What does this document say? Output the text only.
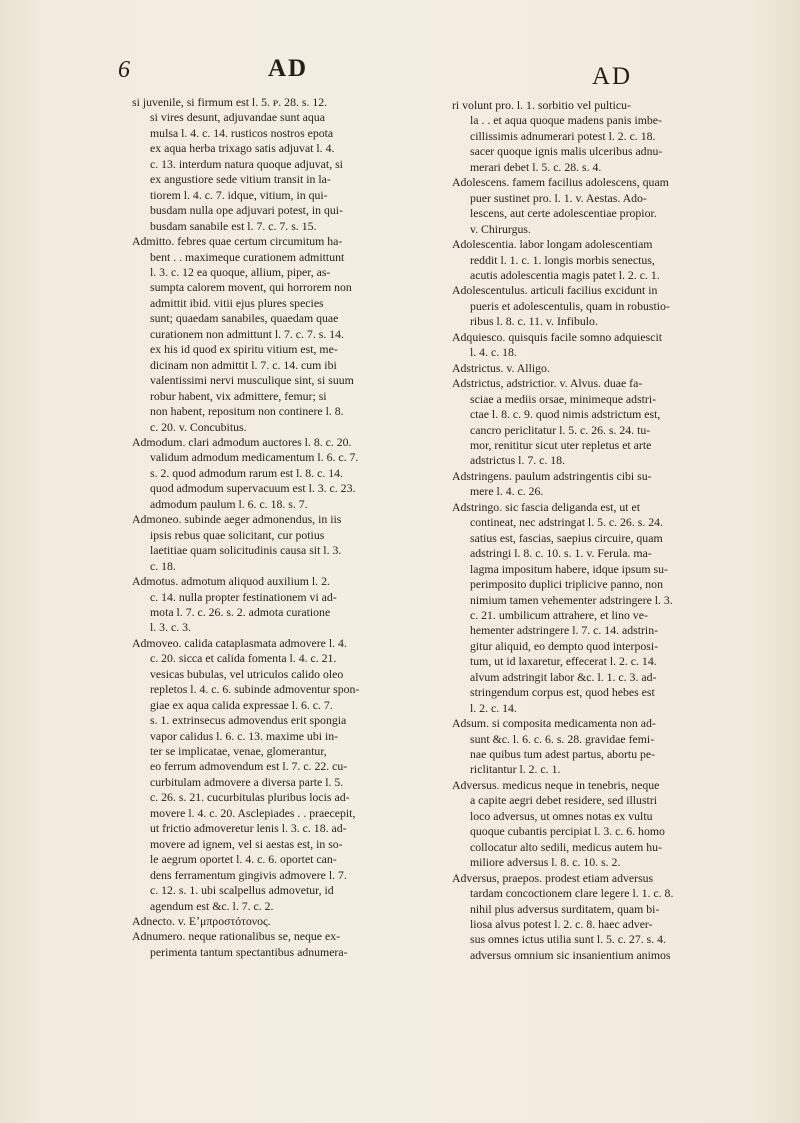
6	AD	AD
si juvenile, si firmum est l. 5. ᴘ. 28. s. 12.
si vires desunt, adjuvandae sunt aqua
mulsa l. 4. c. 14. rusticos nostros epota
ex aqua herba trixago satis adjuvat l. 4.
c. 13. interdum natura quoque adjuvat, si
ex angustiore sede vitium transit in la-
tiorem l. 4. c. 7. idque, vitium, in qui-
busdam nulla ope adjuvari potest, in qui-
busdam sanabile est l. 7. c. 7. s. 15.
Admitto. febres quae certum circumitum ha-
bent . . maximeque curationem admittunt
l. 3. c. 12 ea quoque, allium, piper, as-
sumpta calorem movent, qui horrorem non
admittit ibid. vitii ejus plures species
sunt; quaedam sanabiles, quaedam quae
curationem non admittunt l. 7. c. 7. s. 14.
ex his id quod ex spiritu vitium est, me-
dicinam non admittit l. 7. c. 14. cum ibi
valentissimi nervi musculique sint, si suum
robur habent, vix admittere, femur; si
non habent, repositum non continere l. 8.
c. 20. v. Concubitus.
Admodum. clari admodum auctores l. 8. c. 20.
validum admodum medicamentum l. 6. c. 7.
s. 2. quod admodum rarum est l. 8. c. 14.
quod admodum supervacuum est l. 3. c. 23.
admodum paulum l. 6. c. 18. s. 7.
Admoneo. subinde aeger admonendus, in iis
ipsis rebus quae solicitant, cur potius
laetitiae quam solicitudinis causa sit l. 3.
c. 18.
Admotus. admotum aliquod auxilium l. 2.
c. 14. nulla propter festinationem vi ad-
mota l. 7. c. 26. s. 2. admota curatione
l. 3. c. 3.
Admoveo. calida cataplasmata admovere l. 4.
c. 20. sicca et calida fomenta l. 4. c. 21.
vesicas bubulas, vel utriculos calido oleo
repletos l. 4. c. 6. subinde admoventur spon-
giae ex aqua calida expressae l. 6. c. 7.
s. 1. extrinsecus admovendus erit spongia
vapor calidus l. 6. c. 13. maxime ubi in-
ter se implicatae, venae, glomerantur,
eo ferrum admovendum est l. 7. c. 22. cu-
curbitulam admovere a diversa parte l. 5.
c. 26. s. 21. cucurbitulas pluribus locis ad-
movere l. 4. c. 20. Asclepiades . . praecepit,
ut frictio admoveretur lenis l. 3. c. 18. ad-
movere ad ignem, vel si aestas est, in so-
le aegrum oportet l. 4. c. 6. oportet can-
dens ferramentum gingivis admovere l. 7.
c. 12. s. 1. ubi scalpellus admovetur, id
agendum est &c. l. 7. c. 2.
Adnecto. v. Εʼμπροστότονος.
Adnumero. neque rationalibus se, neque ex-
perimenta tantum spectantibus adnumera-
ri volunt pro. l. 1. sorbitio vel pulticu-
la . . et aqua quoque madens panis imbe-
cillissimis adnumerari potest l. 2. c. 18.
sacer quoque ignis malis ulceribus adnu-
merari debet l. 5. c. 28. s. 4.
Adolescens. famem facilius adolescens, quam
puer sustinet pro. l. 1. v. Aestas. Ado-
lescens, aut certe adolescentiae propior.
v. Chirurgus.
Adolescentia. labor longam adolescentiam
reddit l. 1. c. 1. longis morbis senectus,
acutis adolescentia magis patet l. 2. c. 1.
Adolescentulus. articuli facilius excidunt in
pueris et adolescentulis, quam in robustio-
ribus l. 8. c. 11. v. Infibulo.
Adquiesco. quisquis facile somno adquiescit
l. 4. c. 18.
Adstrictus. v. Alligo.
Adstrictus, adstrictior. v. Alvus. duae fa-
sciae a mediis orsae, minimeque adstri-
ctae l. 8. c. 9. quod nimis adstrictum est,
cancro periclitatur l. 5. c. 26. s. 24. tu-
mor, renititur sicut uter repletus et arte
adstrictus l. 7. c. 18.
Adstringens. paulum adstringentis cibi su-
mere l. 4. c. 26.
Adstringo. sic fascia deliganda est, ut et
contineat, nec adstringat l. 5. c. 26. s. 24.
satius est, fascias, saepius circuire, quam
adstringi l. 8. c. 10. s. 1. v. Ferula. ma-
lagma impositum habere, idque ipsum su-
perimposito duplici triplicive panno, non
nimium tamen vehementer adstringere l. 3.
c. 21. umbilicum attrahere, et lino ve-
hementer adstringere l. 7. c. 14. adstrin-
gitur aliquid, eo dempto quod interposi-
tum, ut id laxaretur, effecerat l. 2. c. 14.
alvum adstringit labor &c. l. 1. c. 3. ad-
stringendum corpus est, quod hebes est
l. 2. c. 14.
Adsum. si composita medicamenta non ad-
sunt &c. l. 6. c. 6. s. 28. gravidae femi-
nae quibus tum adest partus, abortu pe-
riclitantur l. 2. c. 1.
Adversus. medicus neque in tenebris, neque
a capite aegri debet residere, sed illustri
loco adversus, ut omnes notas ex vultu
quoque cubantis percipiat l. 3. c. 6. homo
collocatur alto sedili, medicus autem hu-
miliore adversus l. 8. c. 10. s. 2.
Adversus, praepos. prodest etiam adversus
tardam concoctionem clare legere l. 1. c. 8.
nihil plus adversus surditatem, quam bi-
liosa alvus potest l. 2. c. 8. haec adver-
sus omnes ictus utilia sunt l. 5. c. 27. s. 4.
adversus omnium sic insanientium animos
